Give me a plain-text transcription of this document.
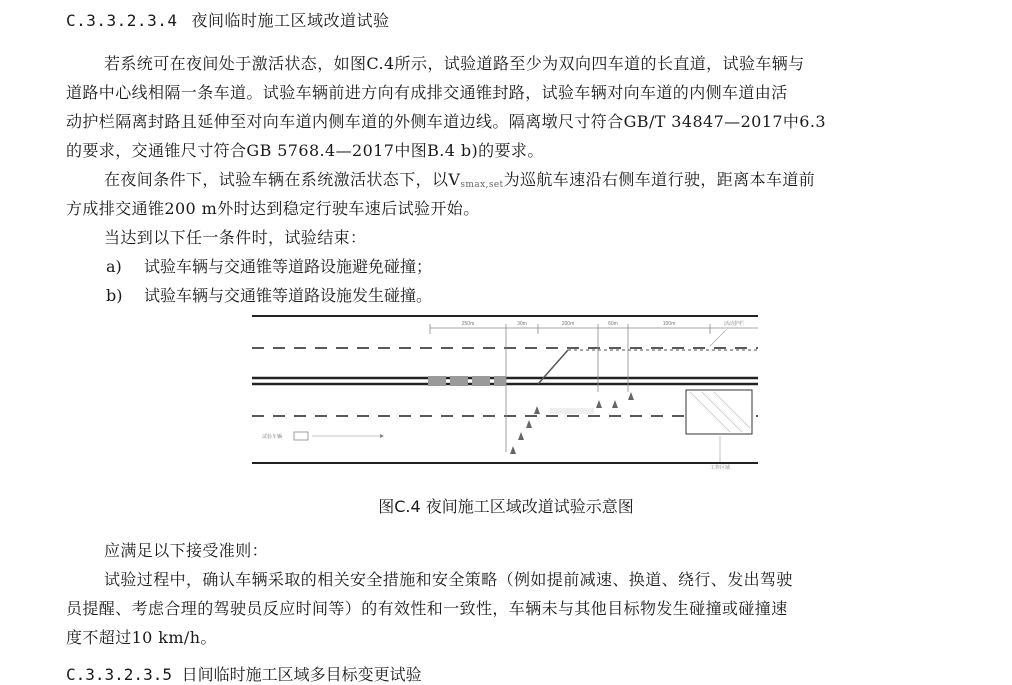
C.3.3.2.3.4 夜间临时施工区域改道试验
若系统可在夜间处于激活状态，如图C.4所示，试验道路至少为双向四车道的长直道，试验车辆与
道路中心线相隔一条车道。试验车辆前进方向有成排交通锥封路，试验车辆对向车道的内侧车道由活
动护栏隔离封路且延伸至对向车道内侧车道的外侧车道边线。隔离墩尺寸符合GB/T 34847—2017中6.3
的要求，交通锥尺寸符合GB 5768.4—2017中图B.4 b)的要求。
在夜间条件下，试验车辆在系统激活状态下，以$V_{smax,set}$为巡航车速沿右侧车道行驶，距离本车道前
方成排交通锥200 m外时达到稳定行驶车速后试验开始。
当达到以下任一条件时，试验结束：
a) 试验车辆与交通锥等道路设施避免碰撞；
b) 试验车辆与交通锥等道路设施发生碰撞。
250m	30m	200m	60m	100m	活动护栏
工作区域
试验车辆
图C.4 夜间施工区域改道试验示意图
应满足以下接受准则：
试验过程中，确认车辆采取的相关安全措施和安全策略（例如提前减速、换道、绕行、发出驾驶
员提醒、考虑合理的驾驶员反应时间等）的有效性和一致性，车辆未与其他目标物发生碰撞或碰撞速
度不超过10 km/h。
C.3.3.2.3.5 日间临时施工区域多目标变更试验
